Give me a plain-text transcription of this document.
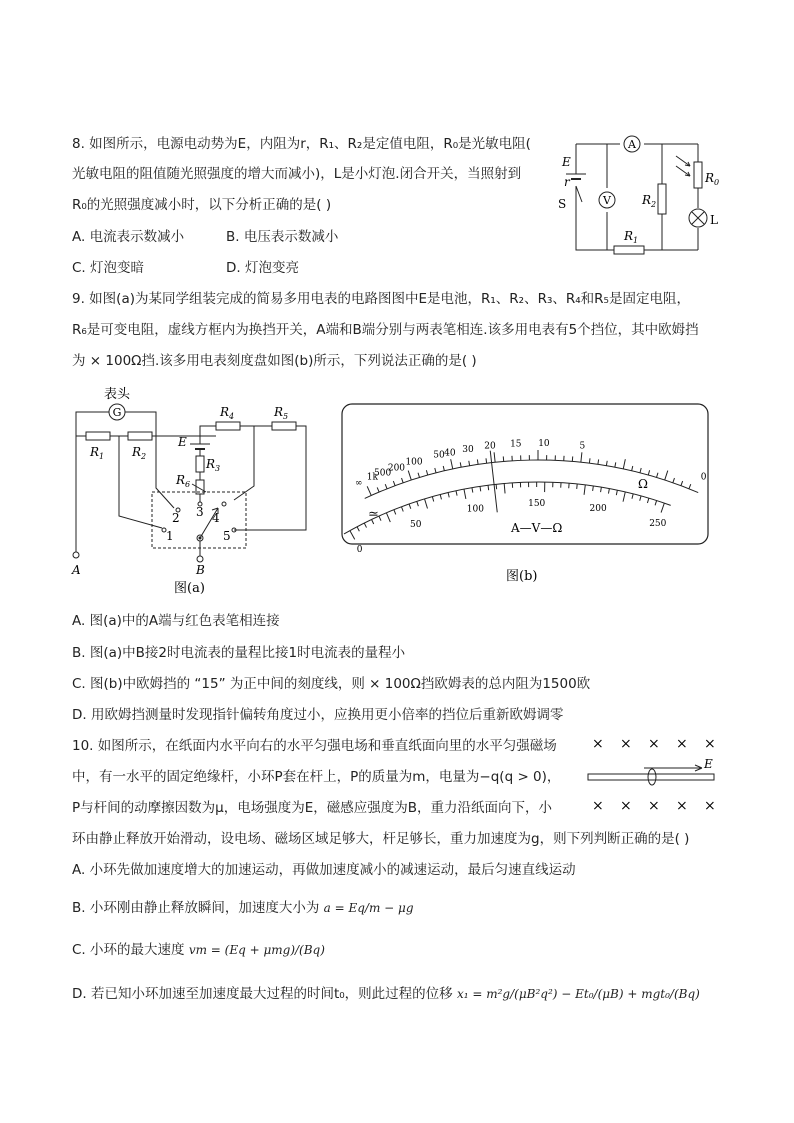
8. 如图所示，电源电动势为E，内阻为r，R₁、R₂是定值电阻，R₀是光敏电阻(
光敏电阻的阻值随光照强度的增大而减小)，L是小灯泡.闭合开关，当照射到
R₀的光照强度减小时，以下分析正确的是( )
A. 电流表示数减小	B. 电压表示数减小
C. 灯泡变暗	D. 灯泡变亮
A
V
E
r
S
$R_0$
$R_2$
$R_1$
L
9. 如图(a)为某同学组装完成的简易多用电表的电路图图中E是电池，R₁、R₂、R₃、R₄和R₅是固定电阻，
R₆是可变电阻，虚线方框内为换挡开关，A端和B端分别与两表笔相连.该多用电表有5个挡位，其中欧姆挡
为 × 100Ω挡.该多用电表刻度盘如图(b)所示，下列说法正确的是( )
表头
G
$R_1$ $R_2$
$R_4$	$R_5$
E
$R_3$
$R_6$
1
2 3 4
5
A	B
图(a)
∞
1k
500
200
100
50 40 30 20 15 10	5
0
0
50
100
150	200
250
Ω
≃
A—V—Ω
图(b)
A. 图(a)中的A端与红色表笔相连接
B. 图(a)中B接2时电流表的量程比接1时电流表的量程小
C. 图(b)中欧姆挡的 “15” 为正中间的刻度线，则 × 100Ω挡欧姆表的总内阻为1500欧
D. 用欧姆挡测量时发现指针偏转角度过小，应换用更小倍率的挡位后重新欧姆调零
10. 如图所示，在纸面内水平向右的水平匀强电场和垂直纸面向里的水平匀强磁场
中，有一水平的固定绝缘杆，小环P套在杆上，P的质量为m，电量为−q(q > 0)，
P与杆间的动摩擦因数为μ，电场强度为E，磁感应强度为B，重力沿纸面向下，小
环由静止释放开始滑动，设电场、磁场区域足够大，杆足够长，重力加速度为g，则下列判断正确的是( )
A. 小环先做加速度增大的加速运动，再做加速度减小的减速运动，最后匀速直线运动
B. 小环刚由静止释放瞬间，加速度大小为 a = Eq/m − μg
C. 小环的最大速度 vm = (Eq + μmg)/(Bq)
D. 若已知小环加速至加速度最大过程的时间t₀，则此过程的位移 x₁ = m²g/(μB²q²) − Et₀/(μB) + mgt₀/(Bq)
× × × × ×
× × × × ×
E
